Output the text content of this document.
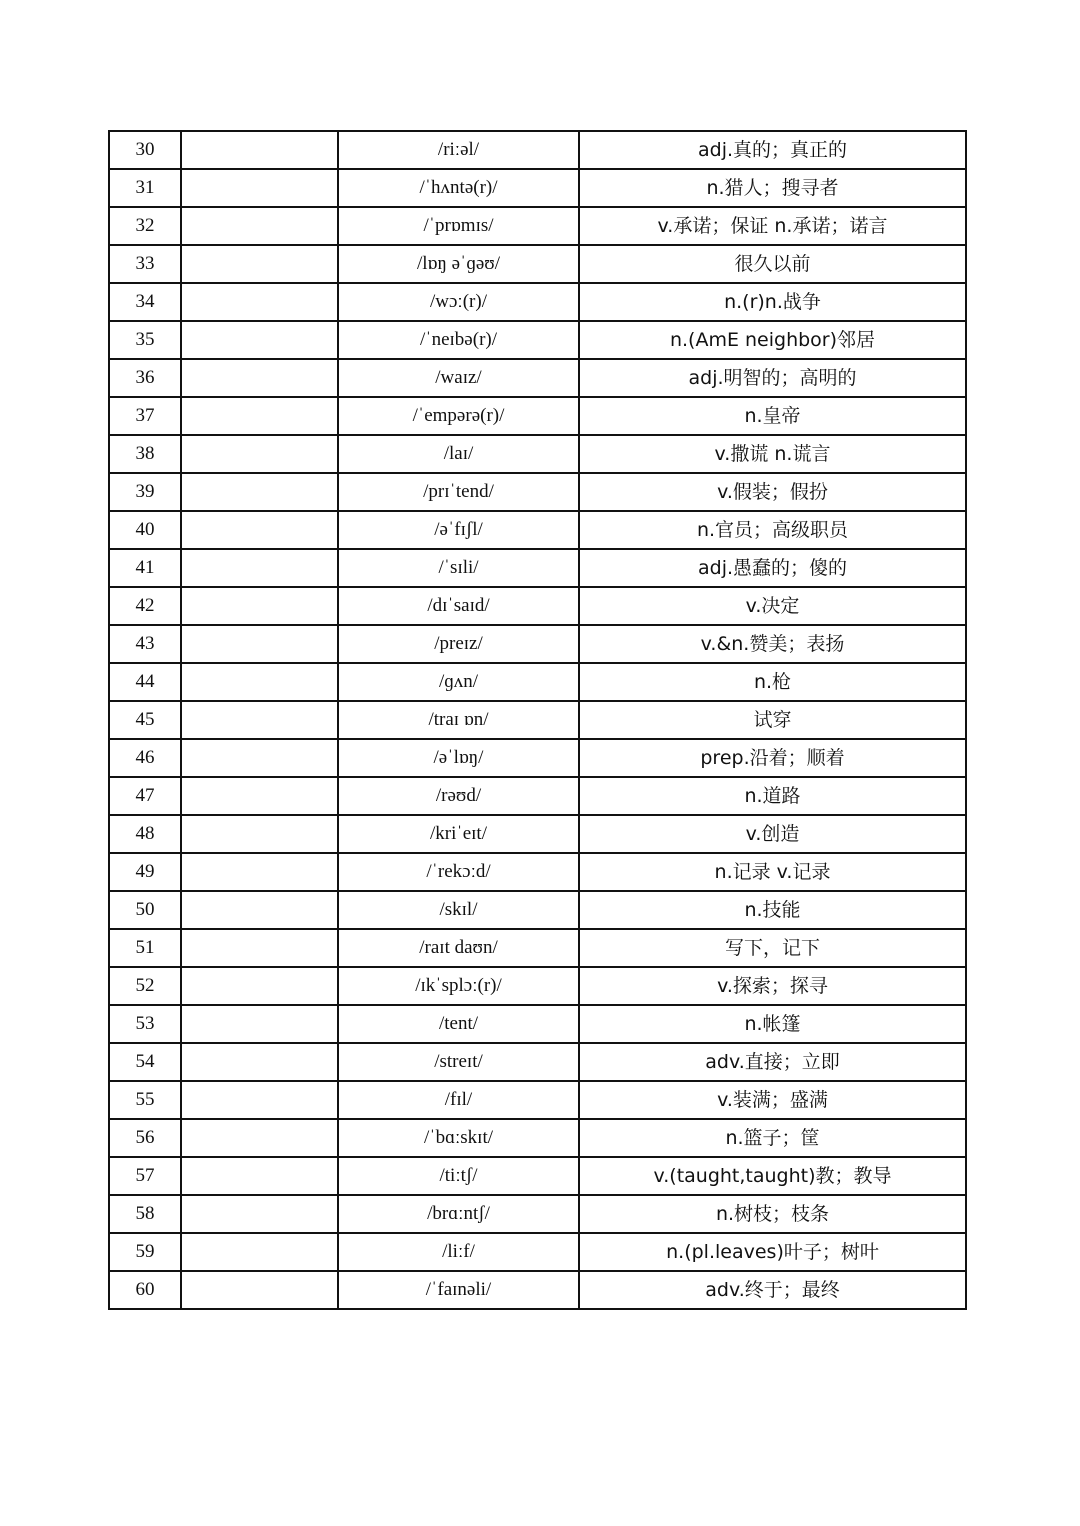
30		/riːəl/	adj.真的；真正的
31		/ˈhʌntə(r)/	n.猎人；搜寻者
32		/ˈprɒmɪs/	v.承诺；保证 n.承诺；诺言
33		/lɒŋ əˈɡəʊ/	很久以前
34		/wɔː(r)/	n.(r)n.战争
35		/ˈneɪbə(r)/	n.(AmE neighbor)邻居
36		/waɪz/	adj.明智的；高明的
37		/ˈempərə(r)/	n.皇帝
38		/laɪ/	v.撒谎 n.谎言
39		/prɪˈtend/	v.假装；假扮
40		/əˈfɪʃl/	n.官员；高级职员
41		/ˈsɪli/	adj.愚蠢的；傻的
42		/dɪˈsaɪd/	v.决定
43		/preɪz/	v.&n.赞美；表扬
44		/ɡʌn/	n.枪
45		/traɪ ɒn/	试穿
46		/əˈlɒŋ/	prep.沿着；顺着
47		/rəʊd/	n.道路
48		/kriˈeɪt/	v.创造
49		/ˈrekɔːd/	n.记录 v.记录
50		/skɪl/	n.技能
51		/raɪt daʊn/	写下，记下
52		/ɪkˈsplɔː(r)/	v.探索；探寻
53		/tent/	n.帐篷
54		/streɪt/	adv.直接；立即
55		/fɪl/	v.装满；盛满
56		/ˈbɑːskɪt/	n.篮子；筐
57		/tiːtʃ/	v.(taught,taught)教；教导
58		/brɑːntʃ/	n.树枝；枝条
59		/liːf/	n.(pl.leaves)叶子；树叶
60		/ˈfaɪnəli/	adv.终于；最终
